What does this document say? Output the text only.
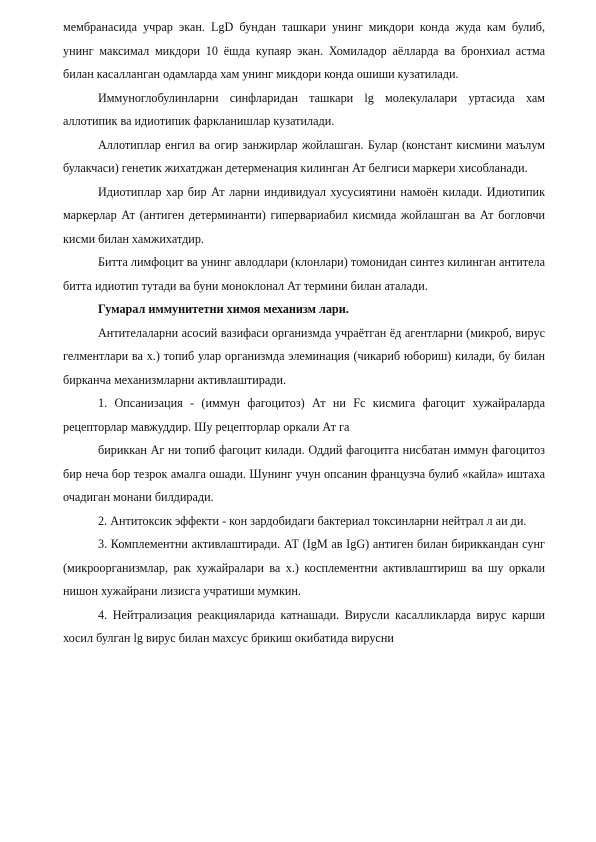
мембранасида учрар экан. LgD бундан ташкари унинг микдори конда жуда кам булиб, унинг максимал микдори 10 ёшда купаяр экан. Хомиладор аёлларда ва бронхиал астма билан касалланган одамларда хам унинг микдори конда ошиши кузатилади.

Иммуноглобулинларни синфларидан ташкари lg молекулалари уртасида хам аллотипик ва идиотипик фаркланишлар кузатилади.

Аллотиплар енгил ва огир занжирлар жойлашган. Булар (констант кисмини маълум булакчаси) генетик жихатджан детерменация килинган Ат белгиси маркери хисобланади.

Идиотиплар хар бир Ат ларни индивидуал хусусиятини намоён килади. Идиотипик маркерлар Ат (антиген детерминанти) гипервариабил кисмида жойлашган ва Ат богловчи кисми билан хамжихатдир.

Битта лимфоцит ва унинг авлодлари (клонлари) томонидан синтез килинган антитела битта идиотип тутади ва буни моноклонал Ат термини билан аталади.

Гумарал иммунитетни химоя механизм лари.

Антителаларни асосий вазифаси организмда учраётган ёд агентларни (микроб, вирус гелментлари ва х.) топиб улар организмда элеминация (чикариб юбориш) килади, бу билан бирканча механизмларни активлаштиради.

1. Опсанизация - (иммун фагоцитоз) Ат ни Fc кисмига фагоцит хужайраларда рецепторлар мавжуддир. Шу рецепторлар оркали Ат га

бириккан Аг ни топиб фагоцит килади. Оддий фагоцитга нисбатан иммун фагоцитоз бир неча бор тезрок амалга ошади. Шунинг учун опсанин французча булиб «кайла» иштаха очадиган монани билдиради.

2. Антитоксик эффекти - кон зардобидаги бактериал токсинларни нейтрал л аи ди.

3. Комплементни активлаштиради. АТ (IgM ав IgG) антиген билан бириккандан сунг (микроорганизмлар, рак хужайралари ва х.) косплементни активлаштириш ва шу оркали нишон хужайрани лизисга учратиши мумкин.

4. Нейтрализация реакцияларида катнашади. Вирусли касалликларда вирус карши хосил булган lg вирус билан махсус брикиш окибатида вирусни
